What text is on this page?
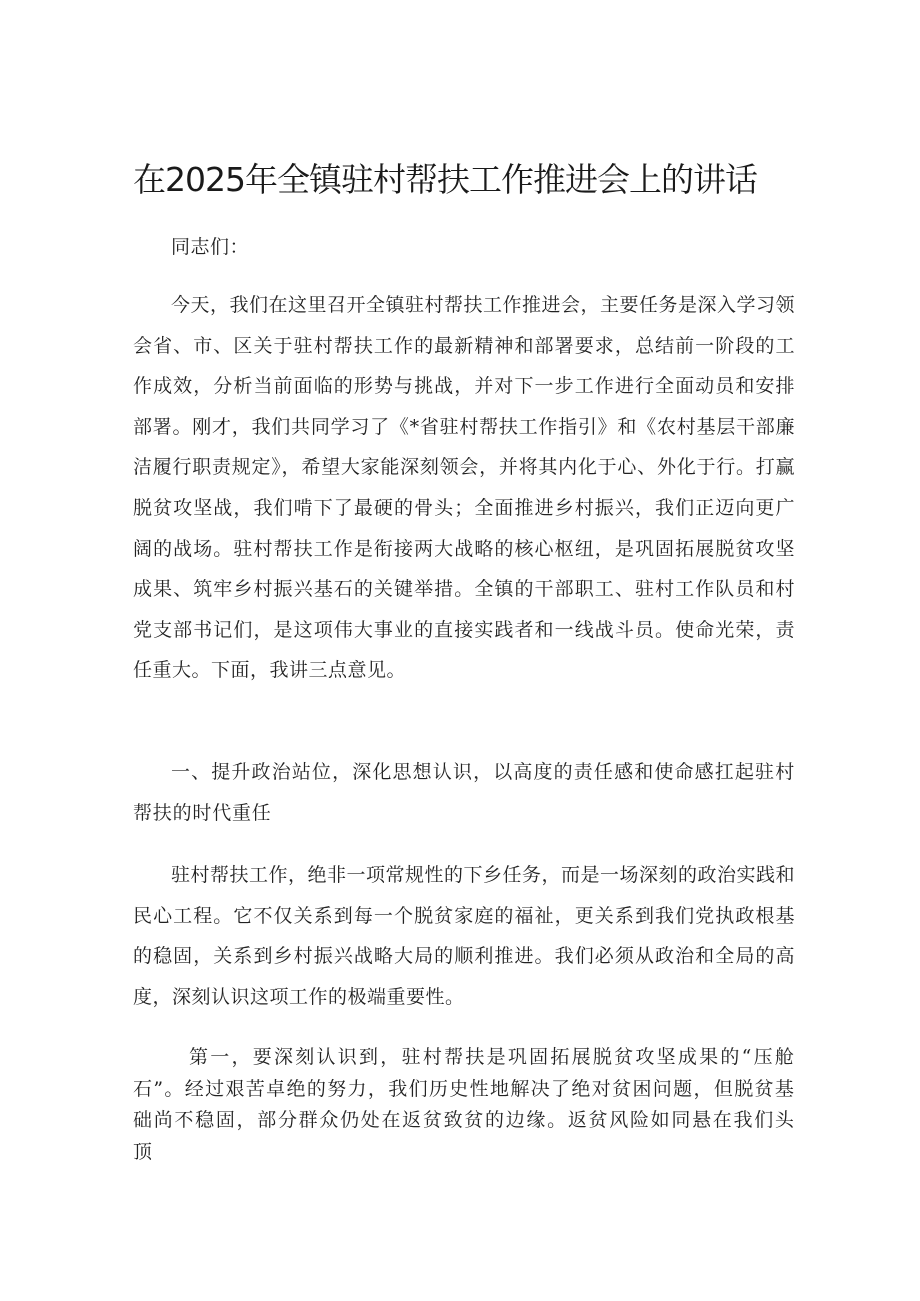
在2025年全镇驻村帮扶工作推进会上的讲话

同志们：

今天，我们在这里召开全镇驻村帮扶工作推进会，主要任务是深入学习领会省、市、区关于驻村帮扶工作的最新精神和部署要求，总结前一阶段的工作成效，分析当前面临的形势与挑战，并对下一步工作进行全面动员和安排部署。刚才，我们共同学习了《*省驻村帮扶工作指引》和《农村基层干部廉洁履行职责规定》，希望大家能深刻领会，并将其内化于心、外化于行。打赢脱贫攻坚战，我们啃下了最硬的骨头；全面推进乡村振兴，我们正迈向更广阔的战场。驻村帮扶工作是衔接两大战略的核心枢纽，是巩固拓展脱贫攻坚成果、筑牢乡村振兴基石的关键举措。全镇的干部职工、驻村工作队员和村党支部书记们，是这项伟大事业的直接实践者和一线战斗员。使命光荣，责任重大。下面，我讲三点意见。

一、提升政治站位，深化思想认识，以高度的责任感和使命感扛起驻村帮扶的时代重任

驻村帮扶工作，绝非一项常规性的下乡任务，而是一场深刻的政治实践和民心工程。它不仅关系到每一个脱贫家庭的福祉，更关系到我们党执政根基的稳固，关系到乡村振兴战略大局的顺利推进。我们必须从政治和全局的高度，深刻认识这项工作的极端重要性。

第一，要深刻认识到，驻村帮扶是巩固拓展脱贫攻坚成果的“压舱石”。经过艰苦卓绝的努力，我们历史性地解决了绝对贫困问题，但脱贫基础尚不稳固，部分群众仍处在返贫致贫的边缘。返贫风险如同悬在我们头顶
